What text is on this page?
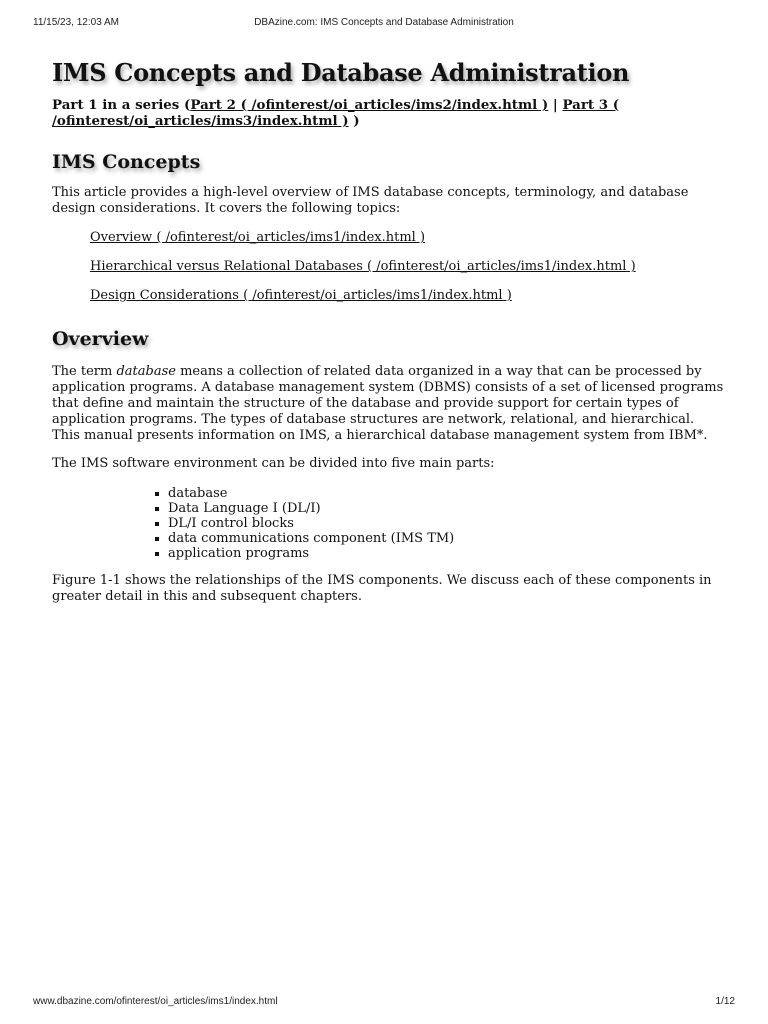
11/15/23, 12:03 AM	DBAzine.com: IMS Concepts and Database Administration
IMS Concepts and Database Administration

Part 1 in a series (Part 2 ( /ofinterest/oi_articles/ims2/index.html ) | Part 3 ( /ofinterest/oi_articles/ims3/index.html ) )

IMS Concepts

This article provides a high-level overview of IMS database concepts, terminology, and database design considerations. It covers the following topics:

Overview ( /ofinterest/oi_articles/ims1/index.html )
Hierarchical versus Relational Databases ( /ofinterest/oi_articles/ims1/index.html )
Design Considerations ( /ofinterest/oi_articles/ims1/index.html )
Overview

The term database means a collection of related data organized in a way that can be processed by application programs. A database management system (DBMS) consists of a set of licensed programs that define and maintain the structure of the database and provide support for certain types of application programs. The types of database structures are network, relational, and hierarchical. This manual presents information on IMS, a hierarchical database management system from IBM*.

The IMS software environment can be divided into five main parts:

database
Data Language I (DL/I)
DL/I control blocks
data communications component (IMS TM)
application programs

Figure 1-1 shows the relationships of the IMS components. We discuss each of these components in greater detail in this and subsequent chapters.

www.dbazine.com/ofinterest/oi_articles/ims1/index.html	1/12
